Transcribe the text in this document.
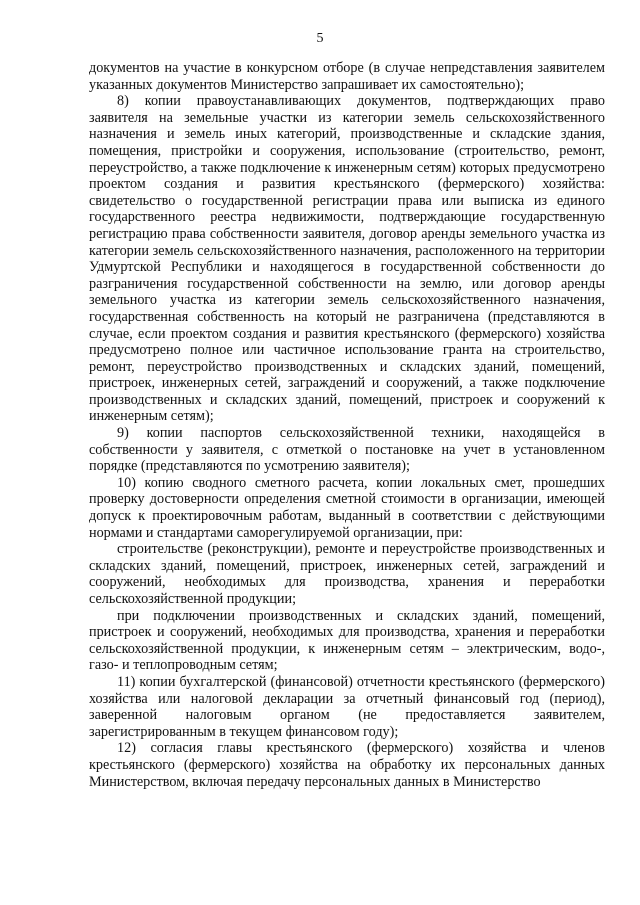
5

документов на участие в конкурсном отборе (в случае непредставления заявителем указанных документов Министерство запрашивает их самостоятельно);

8) копии правоустанавливающих документов, подтверждающих право заявителя на земельные участки из категории земель сельскохозяйственного назначения и земель иных категорий, производственные и складские здания, помещения, пристройки и сооружения, использование (строительство, ремонт, переустройство, а также подключение к инженерным сетям) которых предусмотрено проектом создания и развития крестьянского (фермерского) хозяйства: свидетельство о государственной регистрации права или выписка из единого государственного реестра недвижимости, подтверждающие государственную регистрацию права собственности заявителя, договор аренды земельного участка из категории земель сельскохозяйственного назначения, расположенного на территории Удмуртской Республики и находящегося в государственной собственности до разграничения государственной собственности на землю, или договор аренды земельного участка из категории земель сельскохозяйственного назначения, государственная собственность на который не разграничена (представляются в случае, если проектом создания и развития крестьянского (фермерского) хозяйства предусмотрено полное или частичное использование гранта на строительство, ремонт, переустройство производственных и складских зданий, помещений, пристроек, инженерных сетей, заграждений и сооружений, а также подключение производственных и складских зданий, помещений, пристроек и сооружений к инженерным сетям);

9) копии паспортов сельскохозяйственной техники, находящейся в собственности у заявителя, с отметкой о постановке на учет в установленном порядке (представляются по усмотрению заявителя);

10) копию сводного сметного расчета, копии локальных смет, прошедших проверку достоверности определения сметной стоимости в организации, имеющей допуск к проектировочным работам, выданный в соответствии с действующими нормами и стандартами саморегулируемой организации, при:

строительстве (реконструкции), ремонте и переустройстве производственных и складских зданий, помещений, пристроек, инженерных сетей, заграждений и сооружений, необходимых для производства, хранения и переработки сельскохозяйственной продукции;

при подключении производственных и складских зданий, помещений, пристроек и сооружений, необходимых для производства, хранения и переработки сельскохозяйственной продукции, к инженерным сетям – электрическим, водо-, газо- и теплопроводным сетям;

11) копии бухгалтерской (финансовой) отчетности крестьянского (фермерского) хозяйства или налоговой декларации за отчетный финансовый год (период), заверенной налоговым органом (не предоставляется заявителем, зарегистрированным в текущем финансовом году);

12) согласия главы крестьянского (фермерского) хозяйства и членов крестьянского (фермерского) хозяйства на обработку их персональных данных Министерством, включая передачу персональных данных в Министерство
